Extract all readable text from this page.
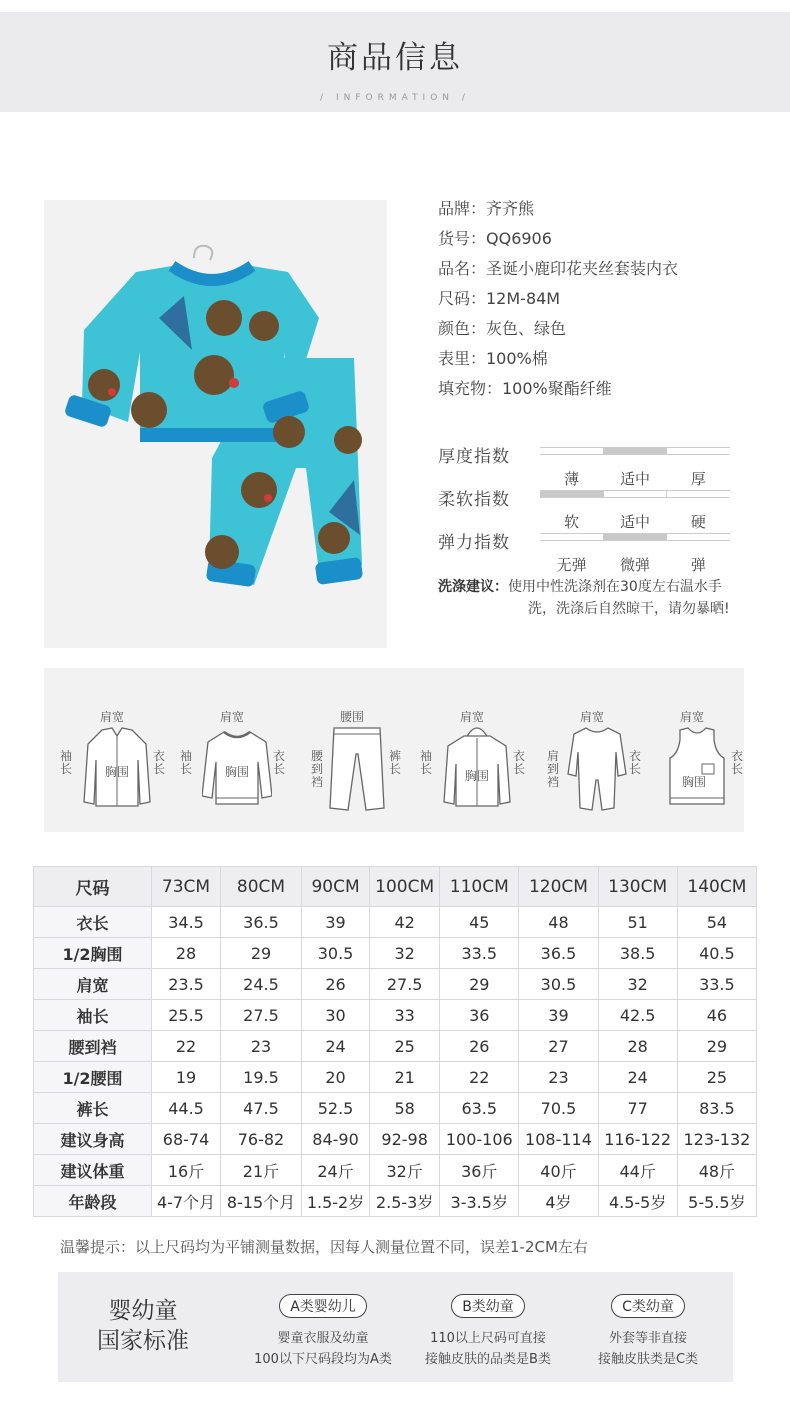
商品信息
/ INFORMATION /
品牌：齐齐熊
货号：QQ6906
品名：圣诞小鹿印花夹丝套装内衣
尺码：12M-84M
颜色：灰色、绿色
表里：100%棉
填充物：100%聚酯纤维
厚度指数
薄	适中	厚
柔软指数
软	适中	硬
弹力指数
无弹	微弹	弹
洗涤建议：使用中性洗涤剂在30度左右温水手
洗，洗涤后自然晾干，请勿暴晒!
肩宽
袖
长
衣
长
胸围
肩宽
袖
长
衣
长
胸围
腰围
腰
到
裆
裤
长
肩宽
袖
长
衣
长
胸围
肩宽
肩
到
裆
衣
长
肩宽
衣
长
胸围
尺码	73CM	80CM	90CM	100CM	110CM	120CM	130CM	140CM
衣长	34.5	36.5	39	42	45	48	51	54
1/2胸围	28	29	30.5	32	33.5	36.5	38.5	40.5
肩宽	23.5	24.5	26	27.5	29	30.5	32	33.5
袖长	25.5	27.5	30	33	36	39	42.5	46
腰到裆	22	23	24	25	26	27	28	29
1/2腰围	19	19.5	20	21	22	23	24	25
裤长	44.5	47.5	52.5	58	63.5	70.5	77	83.5
建议身高	68-74	76-82	84-90	92-98	100-106	108-114	116-122	123-132
建议体重	16斤	21斤	24斤	32斤	36斤	40斤	44斤	48斤
年龄段	4-7个月	8-15个月	1.5-2岁	2.5-3岁	3-3.5岁	4岁	4.5-5岁	5-5.5岁
温馨提示：以上尺码均为平铺测量数据，因每人测量位置不同，误差1-2CM左右
婴幼童
国家标准
A类婴幼儿
婴童衣服及幼童
100以下尺码段均为A类
B类幼童
110以上尺码可直接
接触皮肤的品类是B类
C类幼童
外套等非直接
接触皮肤类是C类
